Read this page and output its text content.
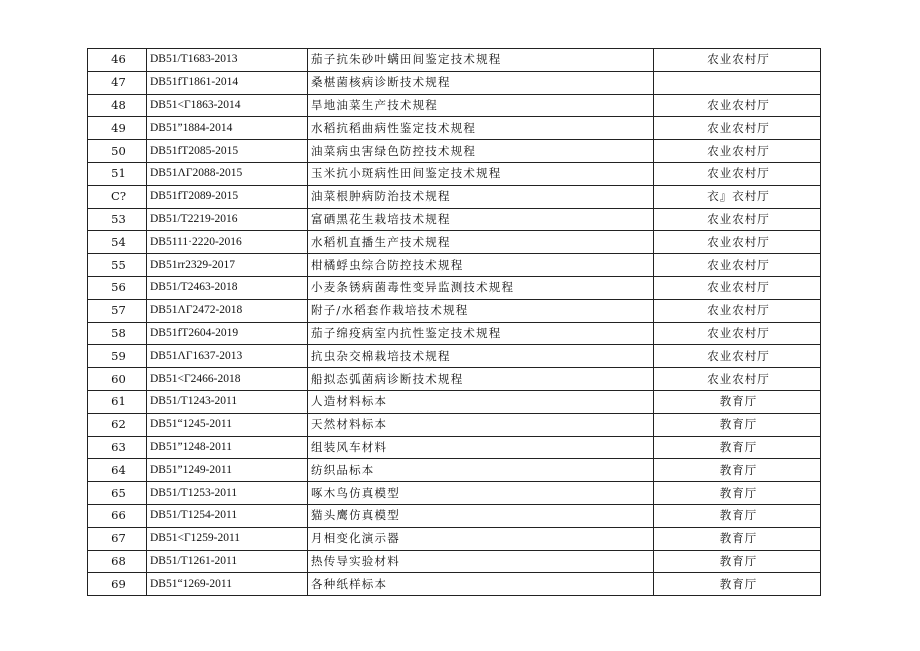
46	DB51/T1683-2013	茄子抗朱砂叶螨田间鉴定技术规程	农业农村厅
47	DB51fT1861-2014	桑椹菌核病诊断技术规程	
48	DB51<Γ1863-2014	旱地油菜生产技术规程	农业农村厅
49	DB51”1884-2014	水稻抗稻曲病性鉴定技术规程	农业农村厅
50	DB51fT2085-2015	油菜病虫害绿色防控技术规程	农业农村厅
51	DB51ΛΓ2088-2015	玉米抗小斑病性田间鉴定技术规程	农业农村厅
C?	DB51fT2089-2015	油菜根肿病防治技术规程	衣』衣村厅
53	DB51/T2219-2016	富硒黑花生栽培技术规程	农业农村厅
54	DB5111·2220-2016	水稻机直播生产技术规程	农业农村厅
55	DB51rr2329-2017	柑橘蜉虫综合防控技术规程	农业农村厅
56	DB51/T2463-2018	小麦条锈病菌毒性变异监测技术规程	农业农村厅
57	DB51ΛΓ2472-2018	附子/水稻套作栽培技术规程	农业农村厅
58	DB51fT2604-2019	茄子绵疫病室内抗性鉴定技术规程	农业农村厅
59	DB51ΛΓ1637-2013	抗虫杂交棉栽培技术规程	农业农村厅
60	DB51<Γ2466-2018	船拟态弧菌病诊断技术规程	农业农村厅
61	DB51/T1243-2011	人造材料标本	教育厅
62	DB51“1245-2011	天然材料标本	教育厅
63	DB51”1248-2011	组装风车材料	教育厅
64	DB51”1249-2011	纺织品标本	教育厅
65	DB51/T1253-2011	啄木鸟仿真模型	教育厅
66	DB51/T1254-2011	猫头鹰仿真模型	教育厅
67	DB51<Γ1259-2011	月相变化演示器	教育厅
68	DB51/T1261-2011	热传导实验材料	教育厅
69	DB51“1269-2011	各种纸样标本	教育厅
